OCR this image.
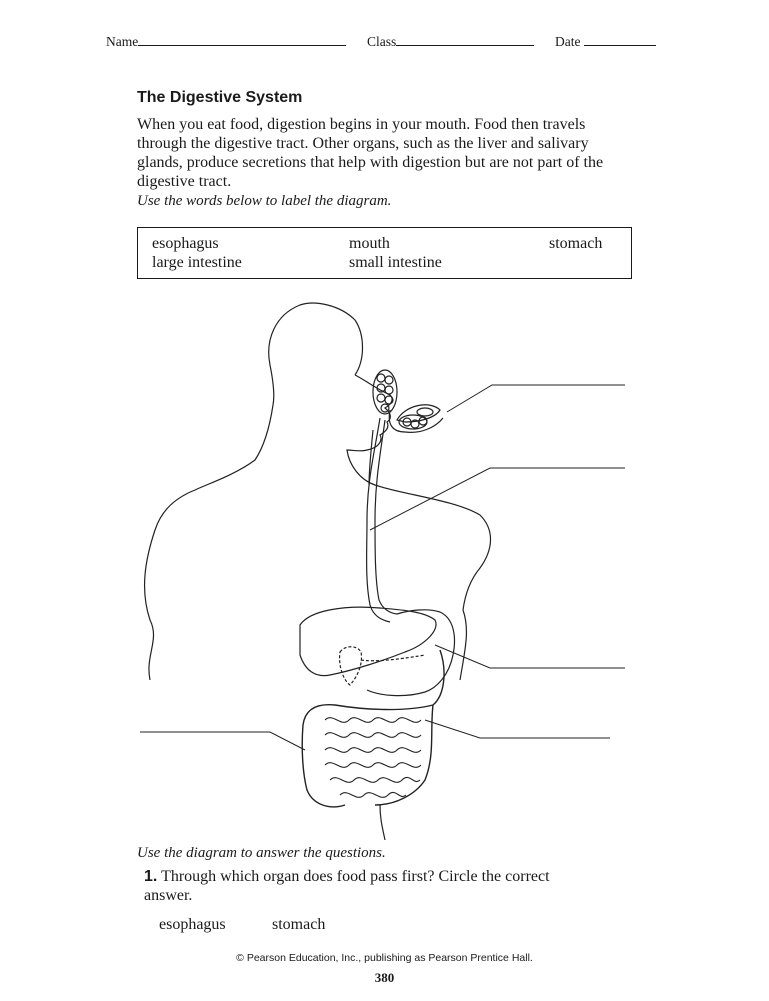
Name	Class	Date
The Digestive System

When you eat food, digestion begins in your mouth. Food then travels through the digestive tract. Other organs, such as the liver and salivary glands, produce secretions that help with digestion but are not part of the digestive tract.

Use the words below to label the diagram.

esophagus	mouth	stomach
large intestine	small intestine

Use the diagram to answer the questions.

1. Through which organ does food pass first? Circle the correct answer.
esophagus	stomach
© Pearson Education, Inc., publishing as Pearson Prentice Hall.
380
